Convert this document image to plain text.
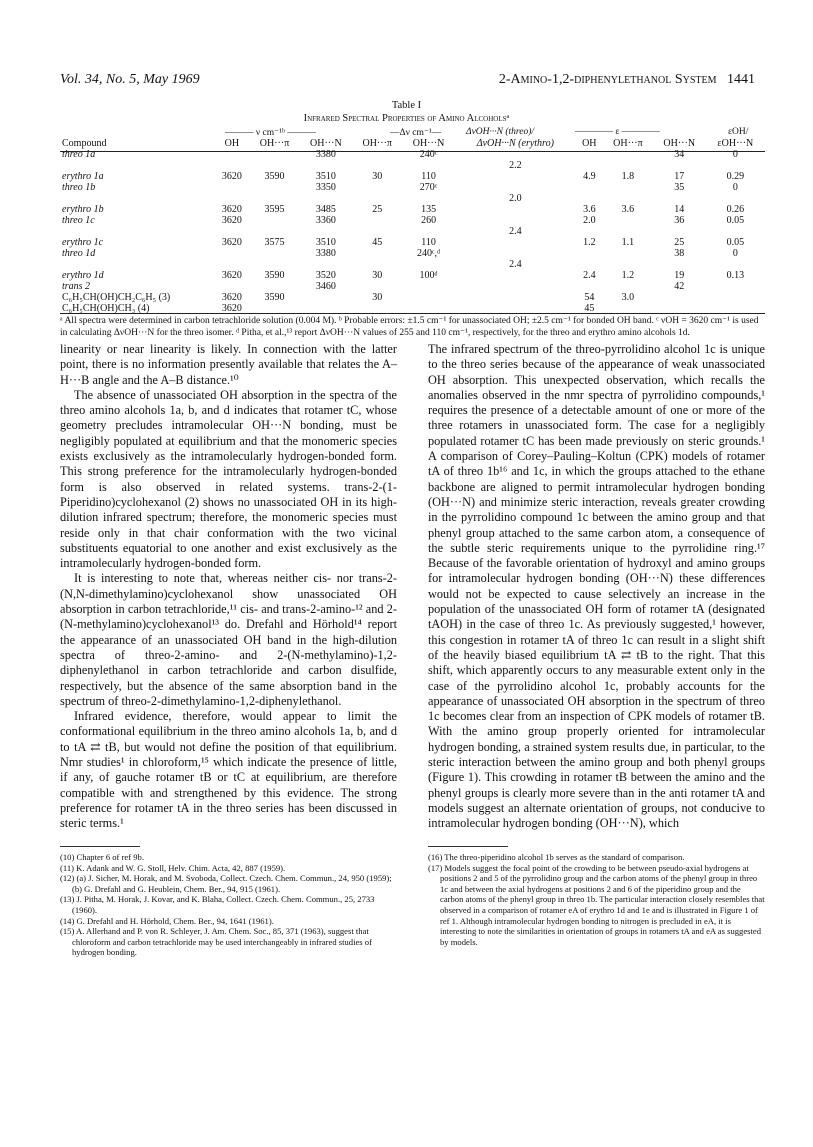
Vol. 34, No. 5, May 1969	2-Amino-1,2-diphenylethanol System 1441
Table I
Infrared Spectral Properties of Amino Alcoholsᵃ
——— ν cm⁻¹ᵇ ———	—Δν cm⁻¹—	ΔνOH···N (threo)/	———— ε ————	εOH/
Compound	OH	OH···π	OH···N	OH···π	OH···N	ΔνOH···N (erythro)	OH	OH···π	OH···N	εOH···N
threo 1a			3380		240ᶜ				34	0
						2.2				
erythro 1a	3620	3590	3510	30	110		4.9	1.8	17	0.29
threo 1b			3350		270ᶜ				35	0
						2.0				
erythro 1b	3620	3595	3485	25	135		3.6	3.6	14	0.26
threo 1c	3620		3360		260		2.0		36	0.05
						2.4				
erythro 1c	3620	3575	3510	45	110		1.2	1.1	25	0.05
threo 1d			3380		240ᶜ,ᵈ				38	0
						2.4				
erythro 1d	3620	3590	3520	30	100ᵈ		2.4	1.2	19	0.13
trans 2			3460						42	
C₆H₅CH(OH)CH₂C₆H₅ (3)	3620	3590		30			54	3.0		
C₆H₅CH(OH)CH₃ (4)	3620						45			
ᵃ All spectra were determined in carbon tetrachloride solution (0.004 M). ᵇ Probable errors: ±1.5 cm⁻¹ for unassociated OH; ±2.5 cm⁻¹ for bonded OH band. ᶜ νOH = 3620 cm⁻¹ is used in calculating ΔνOH···N for the threo isomer. ᵈ Pitha, et al.,¹³ report ΔνOH···N values of 255 and 110 cm⁻¹, respectively, for the threo and erythro amino alcohols 1d.

linearity or near linearity is likely. In connection with the latter point, there is no information presently available that relates the A–H···B angle and the A–B distance.¹⁰

The absence of unassociated OH absorption in the spectra of the threo amino alcohols 1a, b, and d indicates that rotamer tC, whose geometry precludes intramolecular OH···N bonding, must be negligibly populated at equilibrium and that the monomeric species exists exclusively as the intramolecularly hydrogen-bonded form. This strong preference for the intramolecularly hydrogen-bonded form is also observed in related systems. trans-2-(1-Piperidino)cyclohexanol (2) shows no unassociated OH in its high-dilution infrared spectrum; therefore, the monomeric species must reside only in that chair conformation with the two vicinal substituents equatorial to one another and exist exclusively as the intramolecularly hydrogen-bonded form.

It is interesting to note that, whereas neither cis- nor trans-2-(N,N-dimethylamino)cyclohexanol show unassociated OH absorption in carbon tetrachloride,¹¹ cis- and trans-2-amino-¹² and 2-(N-methylamino)cyclohexanol¹³ do. Drefahl and Hörhold¹⁴ report the appearance of an unassociated OH band in the high-dilution spectra of threo-2-amino- and 2-(N-methylamino)-1,2-diphenylethanol in carbon tetrachloride and carbon disulfide, respectively, but the absence of the same absorption band in the spectrum of threo-2-dimethylamino-1,2-diphenylethanol.

Infrared evidence, therefore, would appear to limit the conformational equilibrium in the threo amino alcohols 1a, b, and d to tA ⇄ tB, but would not define the position of that equilibrium. Nmr studies¹ in chloroform,¹⁵ which indicate the presence of little, if any, of gauche rotamer tB or tC at equilibrium, are therefore compatible with and strengthened by this evidence. The strong preference for rotamer tA in the threo series has been discussed in steric terms.¹

The infrared spectrum of the threo-pyrrolidino alcohol 1c is unique to the threo series because of the appearance of weak unassociated OH absorption. This unexpected observation, which recalls the anomalies observed in the nmr spectra of pyrrolidino compounds,¹ requires the presence of a detectable amount of one or more of the three rotamers in unassociated form. The case for a negligibly populated rotamer tC has been made previously on steric grounds.¹ A comparison of Corey–Pauling–Koltun (CPK) models of rotamer tA of threo 1b¹⁶ and 1c, in which the groups attached to the ethane backbone are aligned to permit intramolecular hydrogen bonding (OH···N) and minimize steric interaction, reveals greater crowding in the pyrrolidino compound 1c between the amino group and that phenyl group attached to the same carbon atom, a consequence of the subtle steric requirements unique to the pyrrolidine ring.¹⁷ Because of the favorable orientation of hydroxyl and amino groups for intramolecular hydrogen bonding (OH···N) these differences would not be expected to cause selectively an increase in the population of the unassociated OH form of rotamer tA (designated tAOH) in the case of threo 1c. As previously suggested,¹ however, this congestion in rotamer tA of threo 1c can result in a slight shift of the heavily biased equilibrium tA ⇄ tB to the right. That this shift, which apparently occurs to any measurable extent only in the case of the pyrrolidino alcohol 1c, probably accounts for the appearance of unassociated OH absorption in the spectrum of threo 1c becomes clear from an inspection of CPK models of rotamer tB. With the amino group properly oriented for intramolecular hydrogen bonding, a strained system results due, in particular, to the steric interaction between the amino group and both phenyl groups (Figure 1). This crowding in rotamer tB between the amino and the phenyl groups is clearly more severe than in the anti rotamer tA and models suggest an alternate orientation of groups, not conducive to intramolecular hydrogen bonding (OH···N), which

(10) Chapter 6 of ref 9b.
(11) K. Adank and W. G. Stoll, Helv. Chim. Acta, 42, 887 (1959).
(12) (a) J. Sicher, M. Horak, and M. Svoboda, Collect. Czech. Chem. Commun., 24, 950 (1959); (b) G. Drefahl and G. Heublein, Chem. Ber., 94, 915 (1961).
(13) J. Pitha, M. Horak, J. Kovar, and K. Blaha, Collect. Czech. Chem. Commun., 25, 2733 (1960).
(14) G. Drefahl and H. Hörhold, Chem. Ber., 94, 1641 (1961).
(15) A. Allerhand and P. von R. Schleyer, J. Am. Chem. Soc., 85, 371 (1963), suggest that chloroform and carbon tetrachloride may be used interchangeably in infrared studies of hydrogen bonding.
(16) The threo-piperidino alcohol 1b serves as the standard of comparison.
(17) Models suggest the focal point of the crowding to be between pseudo-axial hydrogens at positions 2 and 5 of the pyrrolidino group and the carbon atoms of the phenyl group in threo 1c and between the axial hydrogens at positions 2 and 6 of the piperidino group and the carbon atoms of the phenyl group in threo 1b. The particular interaction closely resembles that observed in a comparison of rotamer eA of erythro 1d and 1e and is illustrated in Figure 1 of ref 1. Although intramolecular hydrogen bonding to nitrogen is precluded in eA, it is interesting to note the similarities in orientation of groups in rotamers tA and eA as suggested by models.
